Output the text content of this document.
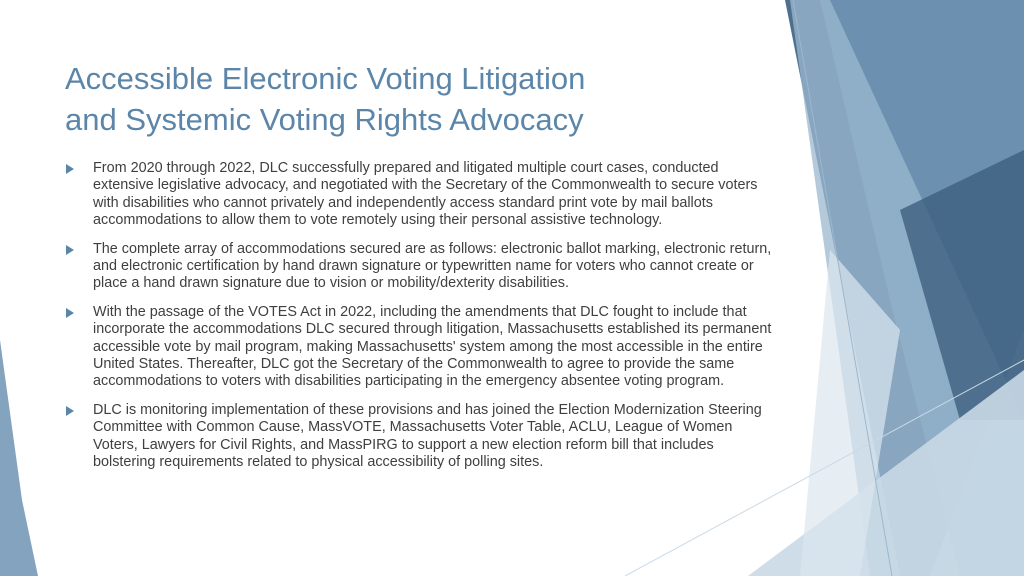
Accessible Electronic Voting Litigation
and Systemic Voting Rights Advocacy
From 2020 through 2022, DLC successfully prepared and litigated multiple court cases, conducted extensive legislative advocacy, and negotiated with the Secretary of the Commonwealth to secure voters with disabilities who cannot privately and independently access standard print vote by mail ballots accommodations to allow them to vote remotely using their personal assistive technology.
The complete array of accommodations secured are as follows: electronic ballot marking, electronic return, and electronic certification by hand drawn signature or typewritten name for voters who cannot create or place a hand drawn signature due to vision or mobility/dexterity disabilities.
With the passage of the VOTES Act in 2022, including the amendments that DLC fought to include that incorporate the accommodations DLC secured through litigation, Massachusetts established its permanent accessible vote by mail program, making Massachusetts' system among the most accessible in the entire United States. Thereafter, DLC got the Secretary of the Commonwealth to agree to provide the same accommodations to voters with disabilities participating in the emergency absentee voting program.
DLC is monitoring implementation of these provisions and has joined the Election Modernization Steering Committee with Common Cause, MassVOTE, Massachusetts Voter Table, ACLU, League of Women Voters, Lawyers for Civil Rights, and MassPIRG to support a new election reform bill that includes bolstering requirements related to physical accessibility of polling sites.
